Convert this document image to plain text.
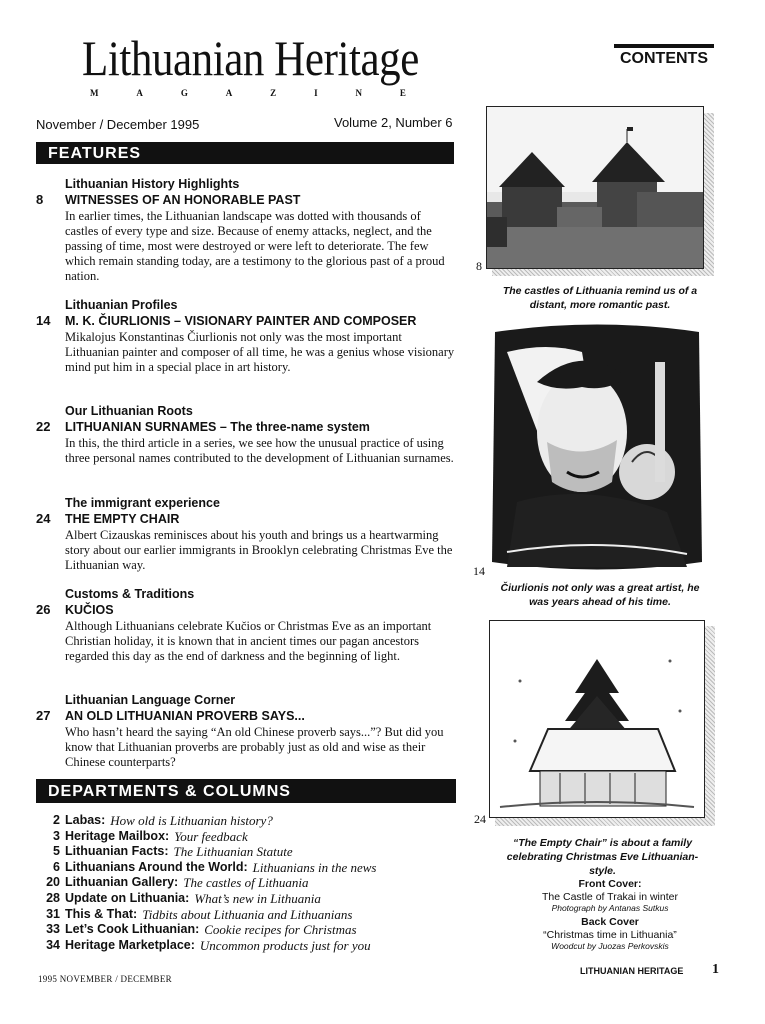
Lithuanian Heritage
M	A	G	A	Z	I	N	E
CONTENTS
November / December 1995	Volume 2, Number 6
FEATURES
Lithuanian History Highlights
8	WITNESSES OF AN HONORABLE PAST
In earlier times, the Lithuanian landscape was dotted with thousands of castles of every type and size. Because of enemy attacks, neglect, and the passing of time, most were destroyed or were left to deteriorate. The few which remain standing today, are a testimony to the glorious past of a proud nation.
Lithuanian Profiles
14	M. K. ČIURLIONIS – VISIONARY PAINTER AND COMPOSER
Mikalojus Konstantinas Čiurlionis not only was the most important Lithuanian painter and composer of all time, he was a genius whose visionary mind put him in a special place in art history.
Our Lithuanian Roots
22	LITHUANIAN SURNAMES – The three-name system
In this, the third article in a series, we see how the unusual practice of using three personal names contributed to the development of Lithuanian surnames.
The immigrant experience
24	THE EMPTY CHAIR
Albert Cizauskas reminisces about his youth and brings us a heartwarming story about our earlier immigrants in Brooklyn celebrating Christmas Eve the Lithuanian way.
Customs & Traditions
26	KUČIOS
Although Lithuanians celebrate Kučios or Christmas Eve as an important Christian holiday, it is known that in ancient times our pagan ancestors regarded this day as the end of darkness and the beginning of light.
Lithuanian Language Corner
27	AN OLD LITHUANIAN PROVERB SAYS...
Who hasn’t heard the saying “An old Chinese proverb says...”? But did you know that Lithuanian proverbs are probably just as old and wise as their Chinese counterparts?
DEPARTMENTS & COLUMNS
2 Labas: How old is Lithuanian history?
3 Heritage Mailbox: Your feedback
5 Lithuanian Facts: The Lithuanian Statute
6 Lithuanians Around the World: Lithuanians in the news
20 Lithuanian Gallery: The castles of Lithuania
28 Update on Lithuania: What’s new in Lithuania
31 This & That: Tidbits about Lithuania and Lithuanians
33 Let’s Cook Lithuanian: Cookie recipes for Christmas
34 Heritage Marketplace: Uncommon products just for you
8
The castles of Lithuania remind us of a distant, more romantic past.
14
Čiurlionis not only was a great artist, he was years ahead of his time.
24
“The Empty Chair” is about a family celebrating Christmas Eve Lithuanian-style.
Front Cover:
The Castle of Trakai in winter
Photograph by Antanas Sutkus
Back Cover
“Christmas time in Lithuania”
Woodcut by Juozas Perkovskis
1995 NOVEMBER / DECEMBER
LITHUANIAN HERITAGE 1
